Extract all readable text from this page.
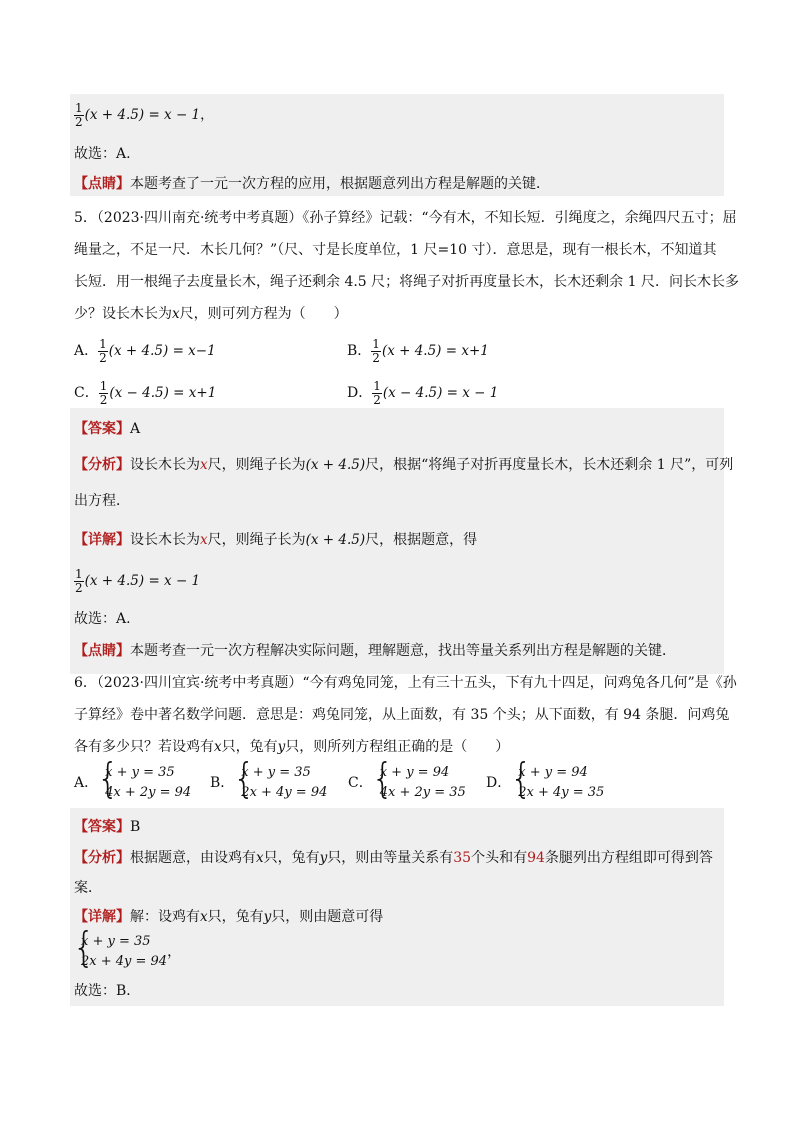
$\frac{1}{2} (x + 4.5) = x - 1$，
故选：A.
【点睛】本题考查了一元一次方程的应用，根据题意列出方程是解题的关键．
5．（2023·四川南充·统考中考真题）《孙子算经》记载：“今有木，不知长短．引绳度之，余绳四尺五寸；屈
绳量之，不足一尺．木长几何？”（尺、寸是长度单位，1 尺=10 寸）．意思是，现有一根长木，不知道其
长短．用一根绳子去度量长木，绳子还剩余 4.5 尺；将绳子对折再度量长木，长木还剩余 1 尺．问长木长多
少？设长木长为x尺，则可列方程为（　　）
A． $\frac{1}{2} (x + 4.5) = x-1$	B． $\frac{1}{2} (x + 4.5) = x+1$
C． $\frac{1}{2} (x - 4.5) = x+1$	D． $\frac{1}{2} (x - 4.5) = x - 1$
【答案】A
【分析】设长木长为x尺，则绳子长为(x + 4.5)尺，根据“将绳子对折再度量长木，长木还剩余 1 尺”，可列
出方程．
【详解】设长木长为x尺，则绳子长为(x + 4.5)尺，根据题意，得
$\frac{1}{2} (x + 4.5) = x - 1$
故选：A.
【点睛】本题考查一元一次方程解决实际问题，理解题意，找出等量关系列出方程是解题的关键．
6．（2023·四川宜宾·统考中考真题）“今有鸡兔同笼，上有三十五头，下有九十四足，问鸡兔各几何”是《孙
子算经》卷中著名数学问题．意思是：鸡兔同笼，从上面数，有 35 个头；从下面数，有 94 条腿．问鸡兔
各有多少只？若设鸡有x只，兔有y只，则所列方程组正确的是（　　）
A． {
x + y = 35
4x + 2y = 94
B． {
x + y = 35
2x + 4y = 94
C． {
x + y = 94
4x + 2y = 35
D． {
x + y = 94
2x + 4y = 35
【答案】B
【分析】根据题意，由设鸡有x只，兔有y只，则由等量关系有35个头和有94条腿列出方程组即可得到答
案．
【详解】解：设鸡有x只，兔有y只，则由题意可得
{
x + y = 35
2x + 4y = 94
，
故选：B．
